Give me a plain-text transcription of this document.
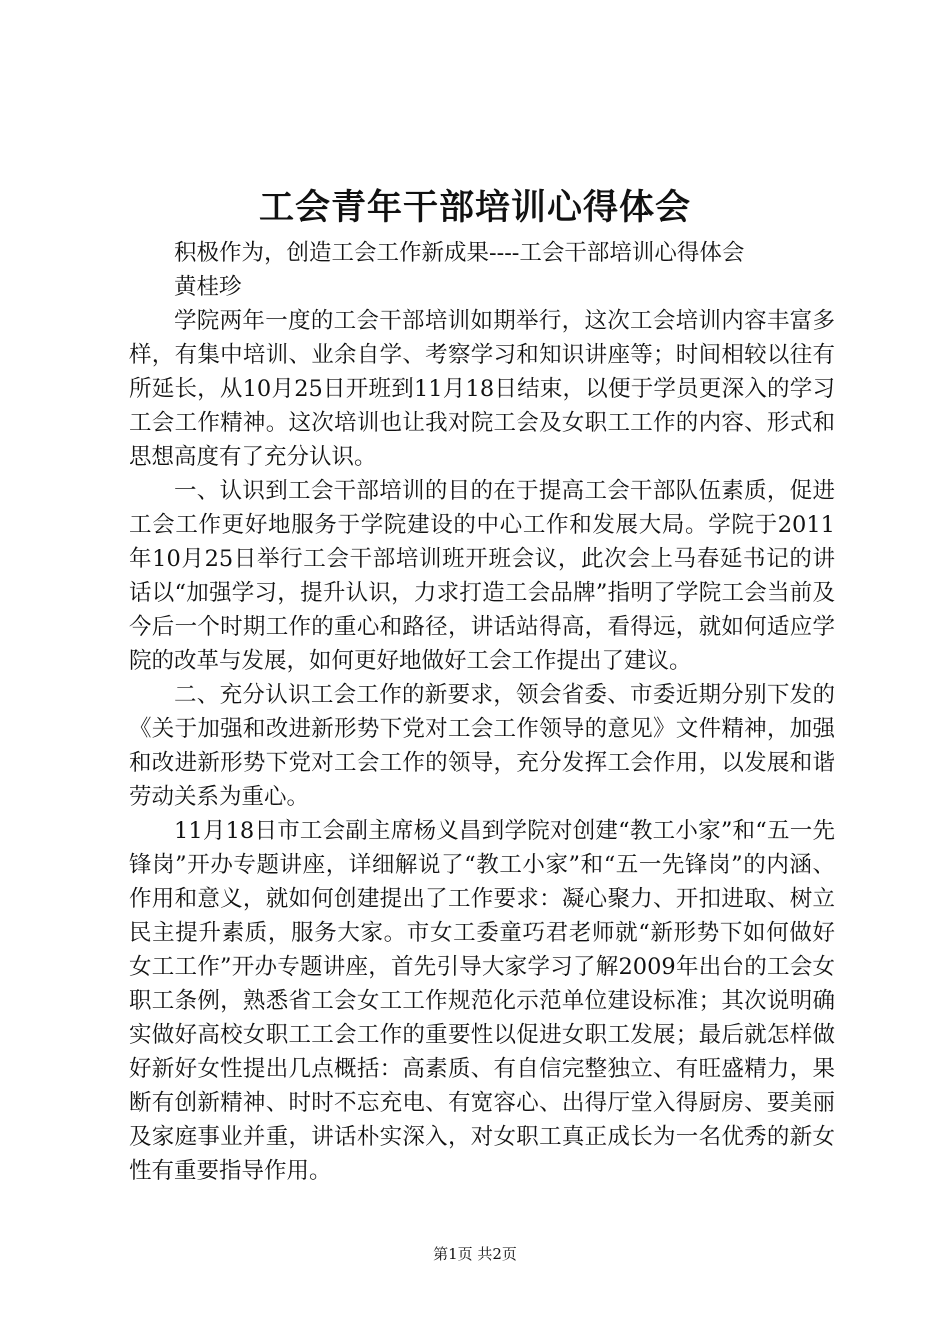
工会青年干部培训心得体会

积极作为，创造工会工作新成果----工会干部培训心得体会

黄桂珍

学院两年一度的工会干部培训如期举行，这次工会培训内容丰富多样，有集中培训、业余自学、考察学习和知识讲座等；时间相较以往有所延长，从10月25日开班到11月18日结束，以便于学员更深入的学习工会工作精神。这次培训也让我对院工会及女职工工作的内容、形式和思想高度有了充分认识。

一、认识到工会干部培训的目的在于提高工会干部队伍素质，促进工会工作更好地服务于学院建设的中心工作和发展大局。学院于2011年10月25日举行工会干部培训班开班会议，此次会上马春延书记的讲话以“加强学习，提升认识，力求打造工会品牌”指明了学院工会当前及今后一个时期工作的重心和路径，讲话站得高，看得远，就如何适应学院的改革与发展，如何更好地做好工会工作提出了建议。

二、充分认识工会工作的新要求，领会省委、市委近期分别下发的《关于加强和改进新形势下党对工会工作领导的意见》文件精神，加强和改进新形势下党对工会工作的领导，充分发挥工会作用，以发展和谐劳动关系为重心。

11月18日市工会副主席杨义昌到学院对创建“教工小家”和“五一先锋岗”开办专题讲座，详细解说了“教工小家”和“五一先锋岗”的内涵、作用和意义，就如何创建提出了工作要求：凝心聚力、开扣进取、树立民主提升素质，服务大家。市女工委童巧君老师就“新形势下如何做好女工工作”开办专题讲座，首先引导大家学习了解2009年出台的工会女职工条例，熟悉省工会女工工作规范化示范单位建设标准；其次说明确实做好高校女职工工会工作的重要性以促进女职工发展；最后就怎样做好新好女性提出几点概括：高素质、有自信完整独立、有旺盛精力，果断有创新精神、时时不忘充电、有宽容心、出得厅堂入得厨房、要美丽及家庭事业并重，讲话朴实深入，对女职工真正成长为一名优秀的新女性有重要指导作用。

第1页 共2页
